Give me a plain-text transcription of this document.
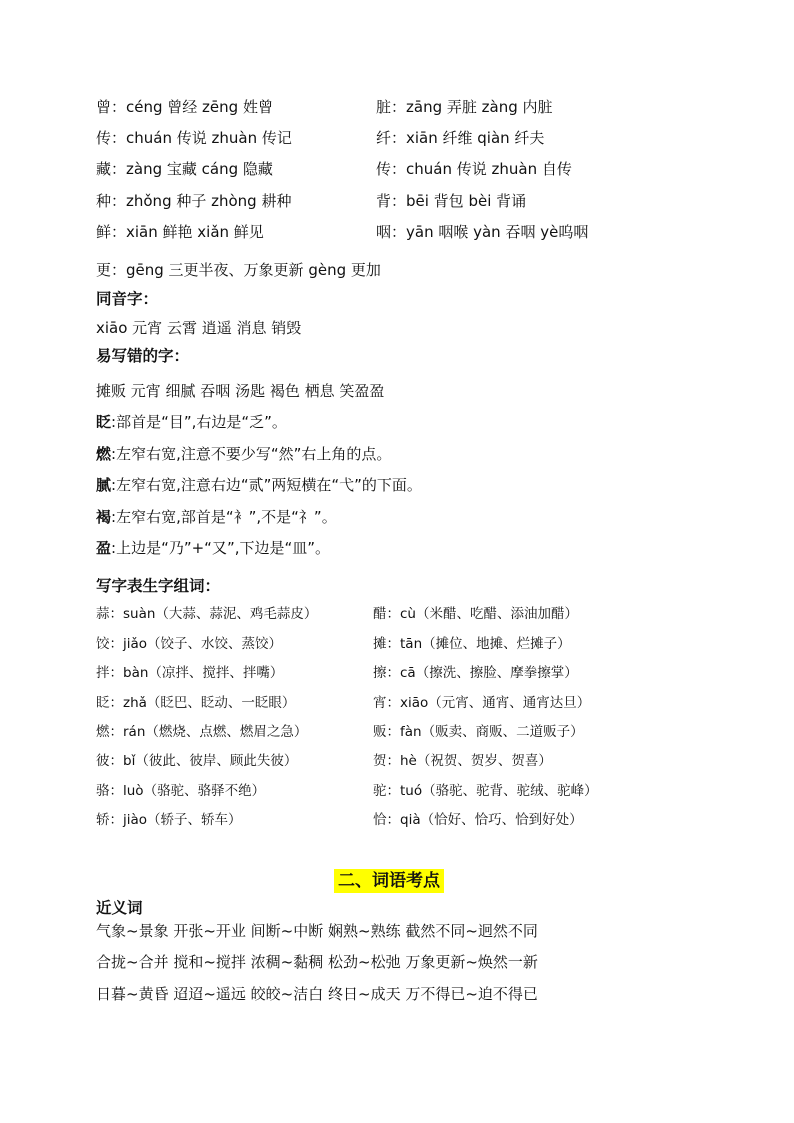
曾：céng 曾经 zēng 姓曾
传：chuán 传说 zhuàn 传记
藏：zàng 宝藏 cáng 隐藏
种：zhǒng 种子 zhòng 耕种
鲜：xiān 鲜艳 xiǎn 鲜见
脏：zāng 弄脏 zàng 内脏
纤：xiān 纤维 qiàn 纤夫
传：chuán 传说 zhuàn 自传
背：bēi 背包 bèi 背诵
咽：yān 咽喉 yàn 吞咽 yè呜咽
更：gēng 三更半夜、万象更新 gèng 更加
同音字：
xiāo 元宵 云霄 逍遥 消息 销毁
易写错的字：
摊贩 元宵 细腻 吞咽 汤匙 褐色 栖息 笑盈盈
眨:部首是“目”,右边是“乏”。
燃:左窄右宽,注意不要少写“然”右上角的点。
腻:左窄右宽,注意右边“贰”两短横在“弋”的下面。
褐:左窄右宽,部首是“衤”,不是“礻”。
盈:上边是“乃”+“又”,下边是“皿”。
写字表生字组词：
蒜：suàn（大蒜、蒜泥、鸡毛蒜皮）
饺：jiǎo（饺子、水饺、蒸饺）
拌：bàn（凉拌、搅拌、拌嘴）
眨：zhǎ（眨巴、眨动、一眨眼）
燃：rán（燃烧、点燃、燃眉之急）
彼：bǐ（彼此、彼岸、顾此失彼）
骆：luò（骆驼、骆驿不绝）
轿：jiào（轿子、轿车）
醋：cù（米醋、吃醋、添油加醋）
摊：tān（摊位、地摊、烂摊子）
擦：cā（擦洗、擦脸、摩拳擦掌）
宵：xiāo（元宵、通宵、通宵达旦）
贩：fàn（贩卖、商贩、二道贩子）
贺：hè（祝贺、贺岁、贺喜）
驼：tuó（骆驼、驼背、驼绒、驼峰）
恰：qià（恰好、恰巧、恰到好处）
二、词语考点
近义词
气象~景象 开张~开业 间断~中断 娴熟~熟练 截然不同~迥然不同
合拢~合并 搅和~搅拌 浓稠~黏稠 松劲~松弛 万象更新~焕然一新
日暮~黄昏 迢迢~遥远 皎皎~洁白 终日~成天 万不得已~迫不得已
